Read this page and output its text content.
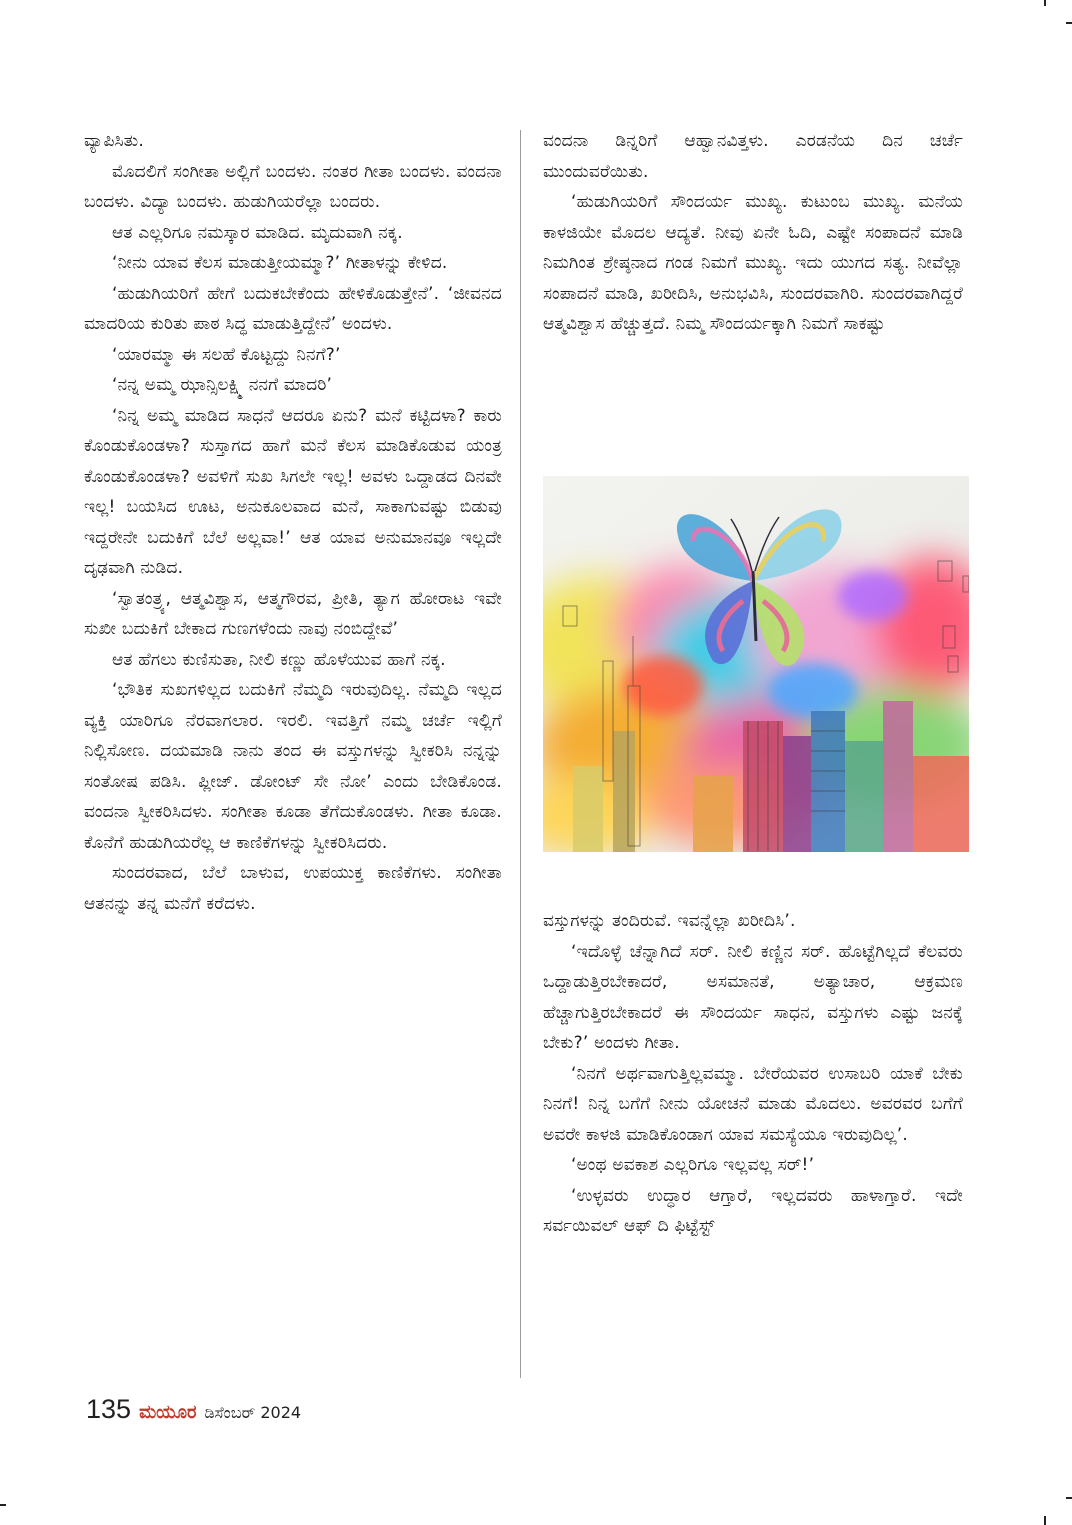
ವ್ಯಾಪಿಸಿತು.

ಮೊದಲಿಗೆ ಸಂಗೀತಾ ಅಲ್ಲಿಗೆ ಬಂದಳು. ನಂತರ ಗೀತಾ ಬಂದಳು. ವಂದನಾ ಬಂದಳು. ವಿದ್ಯಾ ಬಂದಳು. ಹುಡುಗಿಯರೆಲ್ಲಾ ಬಂದರು.

ಆತ ಎಲ್ಲರಿಗೂ ನಮಸ್ಕಾರ ಮಾಡಿದ. ಮೃದುವಾಗಿ ನಕ್ಕ.

‘ನೀನು ಯಾವ ಕೆಲಸ ಮಾಡುತ್ತೀಯಮ್ಮಾ?’ ಗೀತಾಳನ್ನು ಕೇಳಿದ.

‘ಹುಡುಗಿಯರಿಗೆ ಹೇಗೆ ಬದುಕಬೇಕೆಂದು ಹೇಳಿಕೊಡುತ್ತೇನೆ’. ‘ಜೀವನದ ಮಾದರಿಯ ಕುರಿತು ಪಾಠ ಸಿದ್ಧ ಮಾಡುತ್ತಿದ್ದೇನೆ’ ಅಂದಳು.

‘ಯಾರಮ್ಮಾ ಈ ಸಲಹೆ ಕೊಟ್ಟದ್ದು ನಿನಗೆ?’

‘ನನ್ನ ಅಮ್ಮ ಝಾನ್ಸಿಲಕ್ಷ್ಮಿ ನನಗೆ ಮಾದರಿ’

‘ನಿನ್ನ ಅಮ್ಮ ಮಾಡಿದ ಸಾಧನೆ ಆದರೂ ಏನು? ಮನೆ ಕಟ್ಟಿದಳಾ? ಕಾರು ಕೊಂಡುಕೊಂಡಳಾ? ಸುಸ್ತಾಗದ ಹಾಗೆ ಮನೆ ಕೆಲಸ ಮಾಡಿಕೊಡುವ ಯಂತ್ರ ಕೊಂಡುಕೊಂಡಳಾ? ಅವಳಿಗೆ ಸುಖ ಸಿಗಲೇ ಇಲ್ಲ! ಅವಳು ಒದ್ದಾಡದ ದಿನವೇ ಇಲ್ಲ! ಬಯಸಿದ ಊಟ, ಅನುಕೂಲವಾದ ಮನೆ, ಸಾಕಾಗುವಷ್ಟು ಬಿಡುವು ಇದ್ದರೇನೇ ಬದುಕಿಗೆ ಬೆಲೆ ಅಲ್ಲವಾ!’ ಆತ ಯಾವ ಅನುಮಾನವೂ ಇಲ್ಲದೇ ದೃಢವಾಗಿ ನುಡಿದ.

‘ಸ್ವಾತಂತ್ರ್ಯ, ಆತ್ಮವಿಶ್ವಾಸ, ಆತ್ಮಗೌರವ, ಪ್ರೀತಿ, ತ್ಯಾಗ ಹೋರಾಟ ಇವೇ ಸುಖೀ ಬದುಕಿಗೆ ಬೇಕಾದ ಗುಣಗಳೆಂದು ನಾವು ನಂಬಿದ್ದೇವೆ’

ಆತ ಹೆಗಲು ಕುಣಿಸುತಾ, ನೀಲಿ ಕಣ್ಣು ಹೊಳೆಯುವ ಹಾಗೆ ನಕ್ಕ.

‘ಭೌತಿಕ ಸುಖಗಳಿಲ್ಲದ ಬದುಕಿಗೆ ನೆಮ್ಮದಿ ಇರುವುದಿಲ್ಲ. ನೆಮ್ಮದಿ ಇಲ್ಲದ ವ್ಯಕ್ತಿ ಯಾರಿಗೂ ನೆರವಾಗಲಾರ. ಇರಲಿ. ಇವತ್ತಿಗೆ ನಮ್ಮ ಚರ್ಚೆ ಇಲ್ಲಿಗೆ ನಿಲ್ಲಿಸೋಣ. ದಯಮಾಡಿ ನಾನು ತಂದ ಈ ವಸ್ತುಗಳನ್ನು ಸ್ವೀಕರಿಸಿ ನನ್ನನ್ನು ಸಂತೋಷ ಪಡಿಸಿ. ಪ್ಲೀಜ್. ಡೋಂಟ್ ಸೇ ನೋ’ ಎಂದು ಬೇಡಿಕೊಂಡ. ವಂದನಾ ಸ್ವೀಕರಿಸಿದಳು. ಸಂಗೀತಾ ಕೂಡಾ ತೆಗೆದುಕೊಂಡಳು. ಗೀತಾ ಕೂಡಾ. ಕೊನೆಗೆ ಹುಡುಗಿಯರೆಲ್ಲ ಆ ಕಾಣಿಕೆಗಳನ್ನು ಸ್ವೀಕರಿಸಿದರು.

ಸುಂದರವಾದ, ಬೆಲೆ ಬಾಳುವ, ಉಪಯುಕ್ತ ಕಾಣಿಕೆಗಳು. ಸಂಗೀತಾ ಆತನನ್ನು ತನ್ನ ಮನೆಗೆ ಕರೆದಳು.

ವಂದನಾ ಡಿನ್ನರಿಗೆ ಆಹ್ವಾನವಿತ್ತಳು. ಎರಡನೆಯ ದಿನ ಚರ್ಚೆ ಮುಂದುವರೆಯಿತು.

‘ಹುಡುಗಿಯರಿಗೆ ಸೌಂದರ್ಯ ಮುಖ್ಯ. ಕುಟುಂಬ ಮುಖ್ಯ. ಮನೆಯ ಕಾಳಜಿಯೇ ಮೊದಲ ಆದ್ಯತೆ. ನೀವು ಏನೇ ಓದಿ, ಎಷ್ಟೇ ಸಂಪಾದನೆ ಮಾಡಿ ನಿಮಗಿಂತ ಶ್ರೇಷ್ಠನಾದ ಗಂಡ ನಿಮಗೆ ಮುಖ್ಯ. ಇದು ಯುಗದ ಸತ್ಯ. ನೀವೆಲ್ಲಾ ಸಂಪಾದನೆ ಮಾಡಿ, ಖರೀದಿಸಿ, ಅನುಭವಿಸಿ, ಸುಂದರವಾಗಿರಿ. ಸುಂದರವಾಗಿದ್ದರೆ ಆತ್ಮವಿಶ್ವಾಸ ಹೆಚ್ಚುತ್ತದೆ. ನಿಮ್ಮ ಸೌಂದರ್ಯಕ್ಕಾಗಿ ನಿಮಗೆ ಸಾಕಷ್ಟು

ವಸ್ತುಗಳನ್ನು ತಂದಿರುವೆ. ಇವನ್ನೆಲ್ಲಾ ಖರೀದಿಸಿ’.

‘ಇದೊಳ್ಳೆ ಚೆನ್ನಾಗಿದೆ ಸರ್. ನೀಲಿ ಕಣ್ಣಿನ ಸರ್. ಹೊಟ್ಟೆಗಿಲ್ಲದೆ ಕೆಲವರು ಒದ್ದಾಡುತ್ತಿರಬೇಕಾದರೆ, ಅಸಮಾನತೆ, ಅತ್ಯಾಚಾರ, ಆಕ್ರಮಣ ಹೆಚ್ಚಾಗುತ್ತಿರಬೇಕಾದರೆ ಈ ಸೌಂದರ್ಯ ಸಾಧನ, ವಸ್ತುಗಳು ಎಷ್ಟು ಜನಕ್ಕೆ ಬೇಕು?’ ಅಂದಳು ಗೀತಾ.

‘ನಿನಗೆ ಅರ್ಥವಾಗುತ್ತಿಲ್ಲವಮ್ಮಾ. ಬೇರೆಯವರ ಉಸಾಬರಿ ಯಾಕೆ ಬೇಕು ನಿನಗೆ! ನಿನ್ನ ಬಗೆಗೆ ನೀನು ಯೋಚನೆ ಮಾಡು ಮೊದಲು. ಅವರವರ ಬಗೆಗೆ ಅವರೇ ಕಾಳಜಿ ಮಾಡಿಕೊಂಡಾಗ ಯಾವ ಸಮಸ್ಯೆಯೂ ಇರುವುದಿಲ್ಲ’.

‘ಅಂಥ ಅವಕಾಶ ಎಲ್ಲರಿಗೂ ಇಲ್ಲವಲ್ಲ ಸರ್!’

‘ಉಳ್ಳವರು ಉದ್ಧಾರ ಆಗ್ತಾರೆ, ಇಲ್ಲದವರು ಹಾಳಾಗ್ತಾರೆ. ಇದೇ ಸರ್ವಯಿವಲ್ ಆಫ್ ದಿ ಫಿಟ್ಟೆಸ್ಟ್

135 ಮಯೂರ ಡಿಸೆಂಬರ್ 2024
